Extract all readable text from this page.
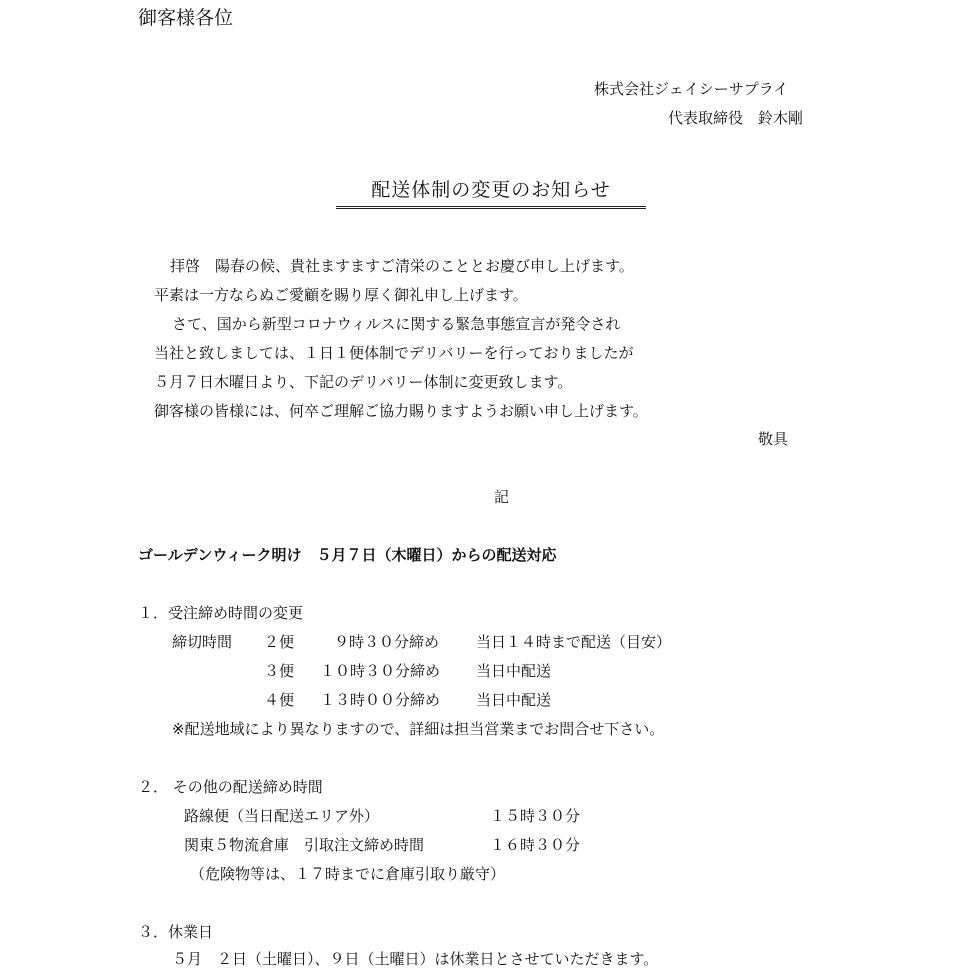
御客様各位
株式会社ジェイシーサプライ
代表取締役　鈴木剛
配送体制の変更のお知らせ
拝啓　陽春の候、貴社ますますご清栄のこととお慶び申し上げます。
平素は一方ならぬご愛顧を賜り厚く御礼申し上げます。
さて、国から新型コロナウィルスに関する緊急事態宣言が発令され
当社と致しましては、１日１便体制でデリバリーを行っておりましたが
５月７日木曜日より、下記のデリバリー体制に変更致します。
御客様の皆様には、何卒ご理解ご協力賜りますようお願い申し上げます。
敬具
記
ゴールデンウィーク明け　５月７日（木曜日）からの配送対応
１．受注締め時間の変更
締切時間 ２便	９時３０分締め 当日１４時まで配送（目安）
３便 １０時３０分締め 当日中配送
４便 １３時００分締め 当日中配送
※配送地域により異なりますので、詳細は担当営業までお問合せ下さい。
２． その他の配送締め時間
路線便（当日配送エリア外）	１５時３０分
関東５物流倉庫　引取注文締め時間	１６時３０分
（危険物等は、１７時までに倉庫引取り厳守）
３．休業日
５月　２日（土曜日）、９日（土曜日）は休業日とさせていただきます。
